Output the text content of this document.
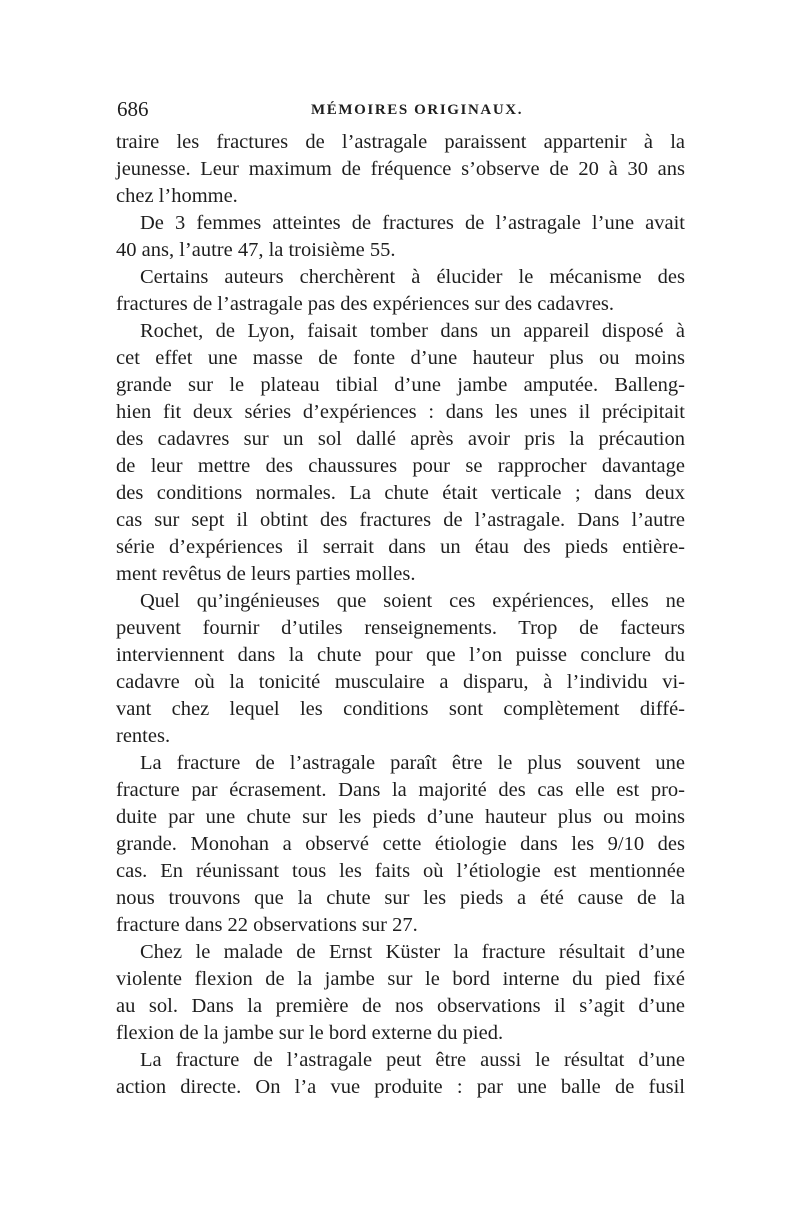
686	MÉMOIRES ORIGINAUX.
traire les fractures de l’astragale paraissent appartenir à la
jeunesse. Leur maximum de fréquence s’observe de 20 à 30 ans
chez l’homme.
De 3 femmes atteintes de fractures de l’astragale l’une avait
40 ans, l’autre 47, la troisième 55.
Certains auteurs cherchèrent à élucider le mécanisme des
fractures de l’astragale pas des expériences sur des cadavres.
Rochet, de Lyon, faisait tomber dans un appareil disposé à
cet effet une masse de fonte d’une hauteur plus ou moins
grande sur le plateau tibial d’une jambe amputée. Balleng-
hien fit deux séries d’expériences : dans les unes il précipitait
des cadavres sur un sol dallé après avoir pris la précaution
de leur mettre des chaussures pour se rapprocher davantage
des conditions normales. La chute était verticale ; dans deux
cas sur sept il obtint des fractures de l’astragale. Dans l’autre
série d’expériences il serrait dans un étau des pieds entière-
ment revêtus de leurs parties molles.
Quel qu’ingénieuses que soient ces expériences, elles ne
peuvent fournir d’utiles renseignements. Trop de facteurs
interviennent dans la chute pour que l’on puisse conclure du
cadavre où la tonicité musculaire a disparu, à l’individu vi-
vant chez lequel les conditions sont complètement diffé-
rentes.
La fracture de l’astragale paraît être le plus souvent une
fracture par écrasement. Dans la majorité des cas elle est pro-
duite par une chute sur les pieds d’une hauteur plus ou moins
grande. Monohan a observé cette étiologie dans les 9/10 des
cas. En réunissant tous les faits où l’étiologie est mentionnée
nous trouvons que la chute sur les pieds a été cause de la
fracture dans 22 observations sur 27.
Chez le malade de Ernst Küster la fracture résultait d’une
violente flexion de la jambe sur le bord interne du pied fixé
au sol. Dans la première de nos observations il s’agit d’une
flexion de la jambe sur le bord externe du pied.
La fracture de l’astragale peut être aussi le résultat d’une
action directe. On l’a vue produite : par une balle de fusil
